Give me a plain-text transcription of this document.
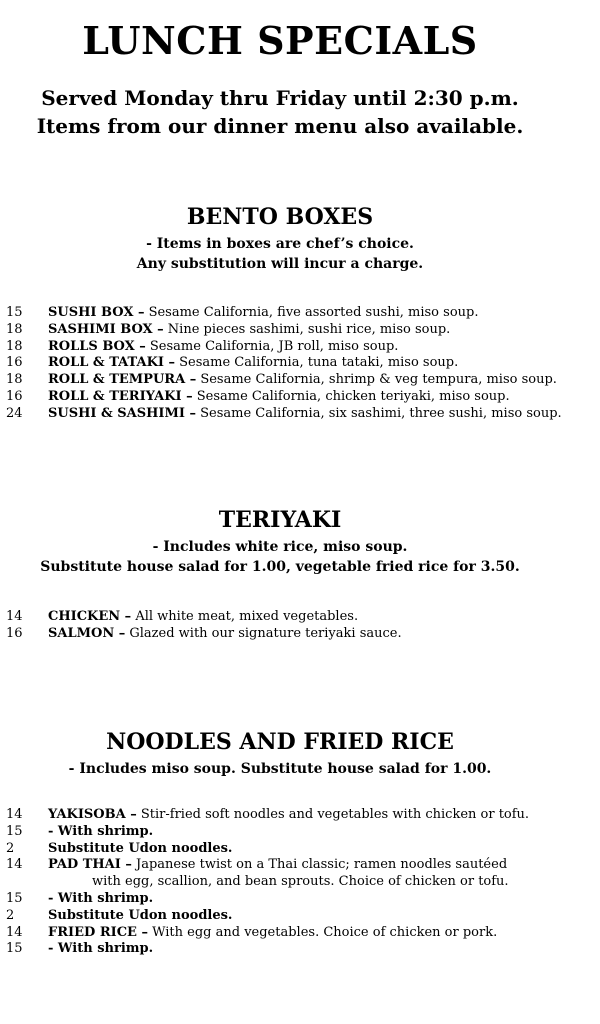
LUNCH SPECIALS
Served Monday thru Friday until 2:30 p.m.
Items from our dinner menu also available.
BENTO BOXES
- Items in boxes are chef’s choice.
Any substitution will incur a charge.
15 SUSHI BOX – Sesame California, five assorted sushi, miso soup.
18 SASHIMI BOX – Nine pieces sashimi, sushi rice, miso soup.
18 ROLLS BOX – Sesame California, JB roll, miso soup.
16 ROLL & TATAKI – Sesame California, tuna tataki, miso soup.
18 ROLL & TEMPURA – Sesame California, shrimp & veg tempura, miso soup.
16 ROLL & TERIYAKI – Sesame California, chicken teriyaki, miso soup.
24 SUSHI & SASHIMI – Sesame California, six sashimi, three sushi, miso soup.
TERIYAKI
- Includes white rice, miso soup.
Substitute house salad for 1.00, vegetable fried rice for 3.50.
14 CHICKEN – All white meat, mixed vegetables.
16 SALMON – Glazed with our signature teriyaki sauce.
NOODLES AND FRIED RICE
- Includes miso soup. Substitute house salad for 1.00.
14 YAKISOBA – Stir-fried soft noodles and vegetables with chicken or tofu.
15 - With shrimp.
2	Substitute Udon noodles.
14 PAD THAI – Japanese twist on a Thai classic; ramen noodles sautéed
with egg, scallion, and bean sprouts. Choice of chicken or tofu.
15 - With shrimp.
2	Substitute Udon noodles.
14 FRIED RICE – With egg and vegetables. Choice of chicken or pork.
15 - With shrimp.
